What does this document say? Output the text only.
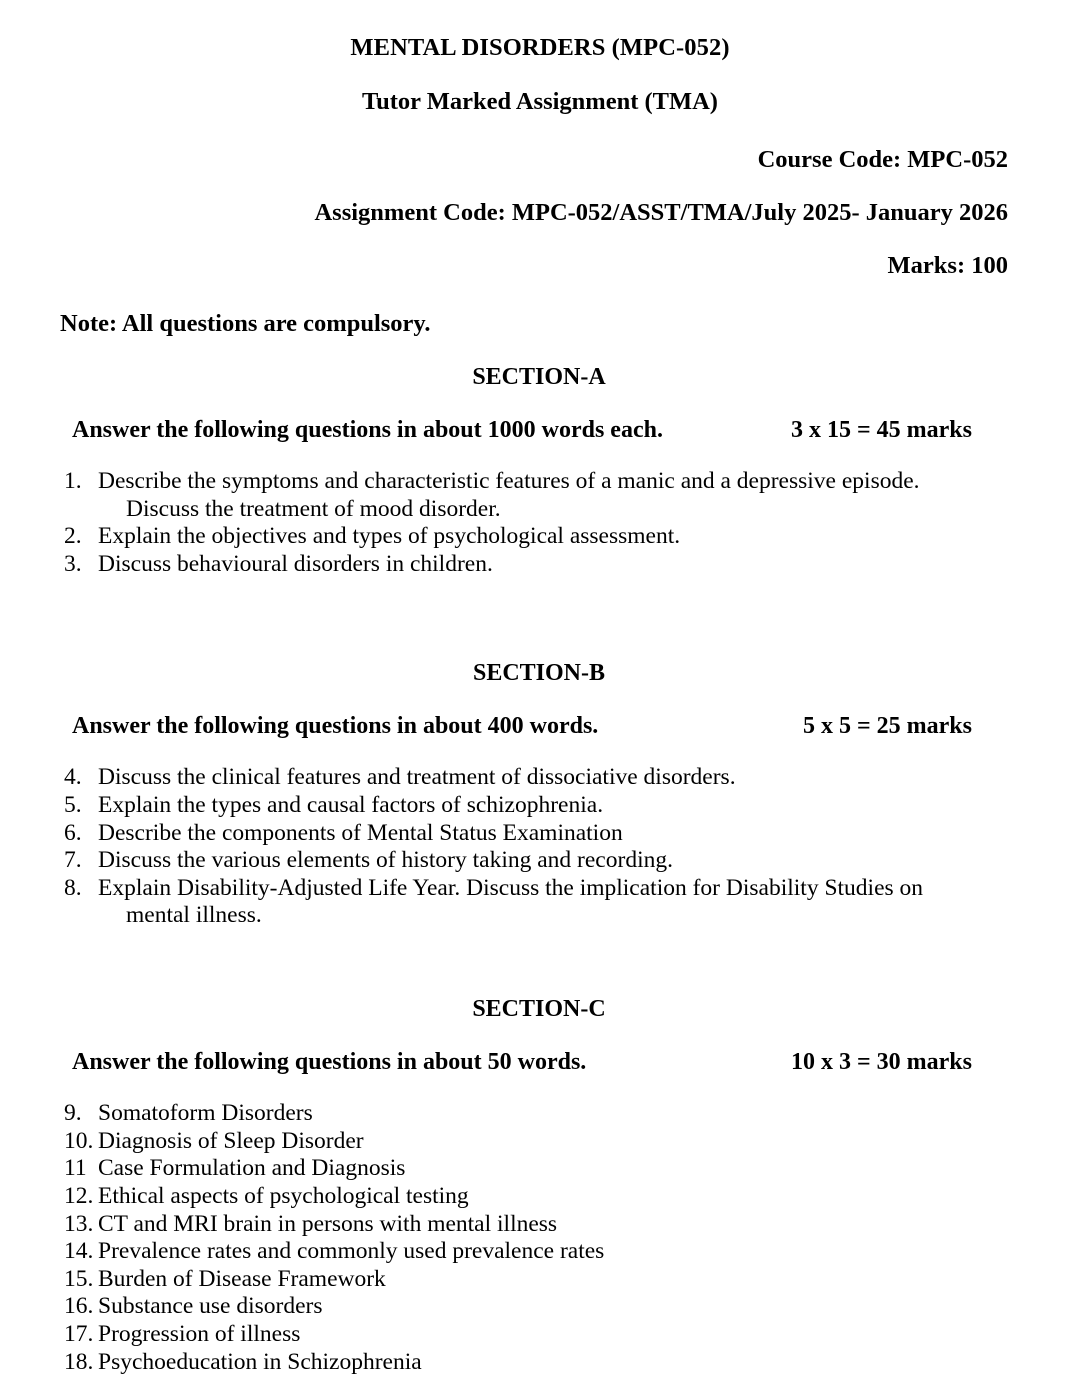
MENTAL DISORDERS (MPC-052)
Tutor Marked Assignment (TMA)
Course Code: MPC-052
Assignment Code: MPC-052/ASST/TMA/July 2025- January 2026
Marks: 100
Note: All questions are compulsory.
SECTION-A
Answer the following questions in about 1000 words each.	3 x 15 = 45 marks
1. Describe the symptoms and characteristic features of a manic and a depressive episode.
Discuss the treatment of mood disorder.
2. Explain the objectives and types of psychological assessment.
3. Discuss behavioural disorders in children.
SECTION-B
Answer the following questions in about 400 words.	5 x 5 = 25 marks
4. Discuss the clinical features and treatment of dissociative disorders.
5. Explain the types and causal factors of schizophrenia.
6. Describe the components of Mental Status Examination
7. Discuss the various elements of history taking and recording.
8. Explain Disability-Adjusted Life Year. Discuss the implication for Disability Studies on
mental illness.
SECTION-C
Answer the following questions in about 50 words.	10 x 3 = 30 marks
9. Somatoform Disorders
10. Diagnosis of Sleep Disorder
11 Case Formulation and Diagnosis
12. Ethical aspects of psychological testing
13. CT and MRI brain in persons with mental illness
14. Prevalence rates and commonly used prevalence rates
15. Burden of Disease Framework
16. Substance use disorders
17. Progression of illness
18. Psychoeducation in Schizophrenia
